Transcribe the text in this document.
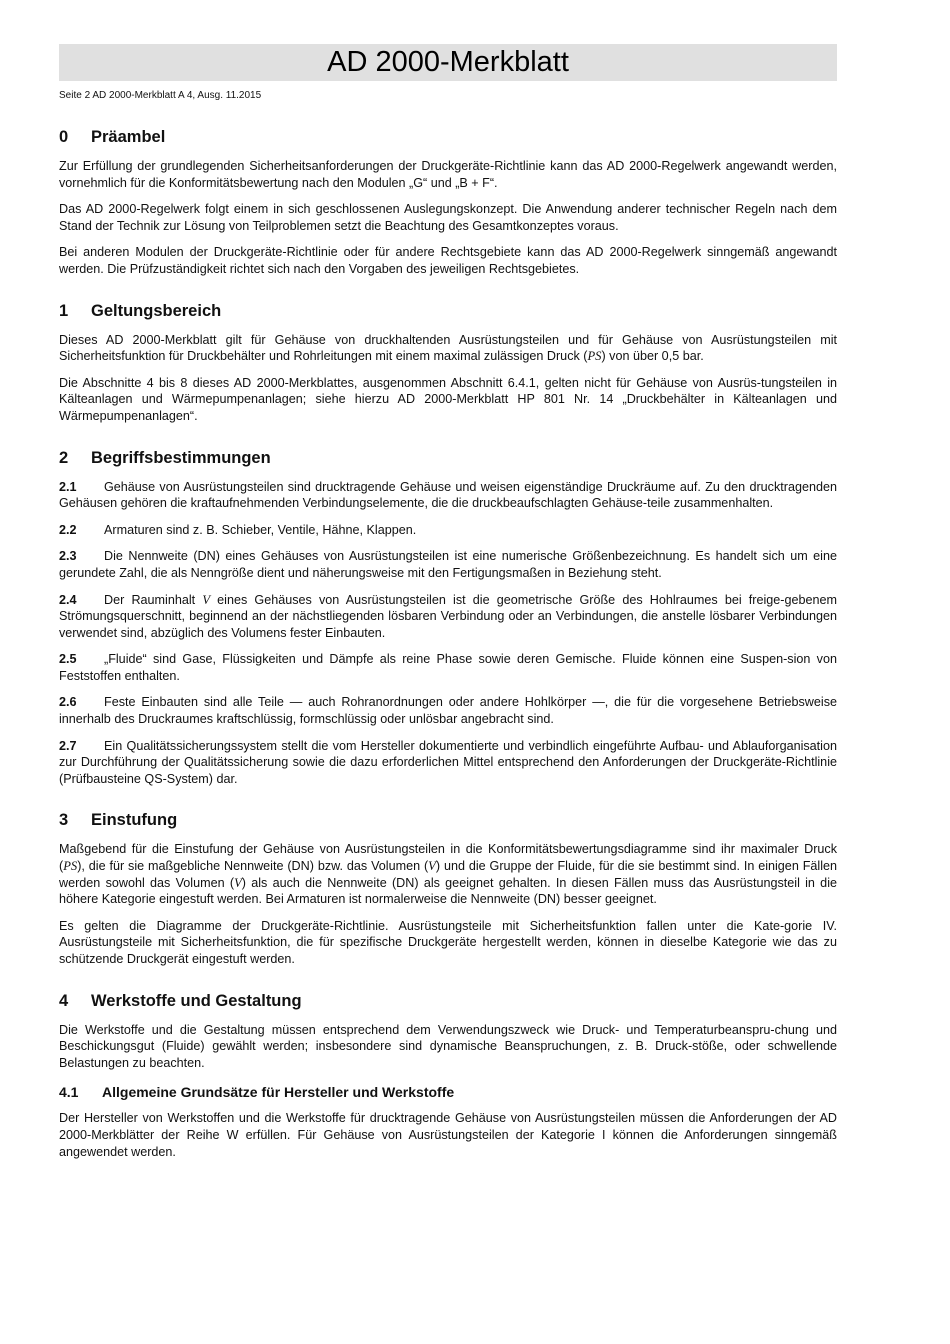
AD 2000-Merkblatt
Seite 2 AD 2000-Merkblatt A 4, Ausg. 11.2015
0 Präambel

Zur Erfüllung der grundlegenden Sicherheitsanforderungen der Druckgeräte-Richtlinie kann das AD 2000-Regelwerk angewandt werden, vornehmlich für die Konformitätsbewertung nach den Modulen „G“ und „B + F“.

Das AD 2000-Regelwerk folgt einem in sich geschlossenen Auslegungskonzept. Die Anwendung anderer technischer Regeln nach dem Stand der Technik zur Lösung von Teilproblemen setzt die Beachtung des Gesamtkonzeptes voraus.

Bei anderen Modulen der Druckgeräte-Richtlinie oder für andere Rechtsgebiete kann das AD 2000-Regelwerk sinngemäß angewandt werden. Die Prüfzuständigkeit richtet sich nach den Vorgaben des jeweiligen Rechtsgebietes.

1 Geltungsbereich

Dieses AD 2000-Merkblatt gilt für Gehäuse von druckhaltenden Ausrüstungsteilen und für Gehäuse von Ausrüstungsteilen mit Sicherheitsfunktion für Druckbehälter und Rohrleitungen mit einem maximal zulässigen Druck (PS) von über 0,5 bar.

Die Abschnitte 4 bis 8 dieses AD 2000-Merkblattes, ausgenommen Abschnitt 6.4.1, gelten nicht für Gehäuse von Ausrüs-tungsteilen in Kälteanlagen und Wärmepumpenanlagen; siehe hierzu AD 2000-Merkblatt HP 801 Nr. 14 „Druckbehälter in Kälteanlagen und Wärmepumpenanlagen“.

2 Begriffsbestimmungen

2.1 Gehäuse von Ausrüstungsteilen sind drucktragende Gehäuse und weisen eigenständige Druckräume auf. Zu den drucktragenden Gehäusen gehören die kraftaufnehmenden Verbindungselemente, die die druckbeaufschlagten Gehäuse-teile zusammenhalten.

2.2 Armaturen sind z. B. Schieber, Ventile, Hähne, Klappen.

2.3 Die Nennweite (DN) eines Gehäuses von Ausrüstungsteilen ist eine numerische Größenbezeichnung. Es handelt sich um eine gerundete Zahl, die als Nenngröße dient und näherungsweise mit den Fertigungsmaßen in Beziehung steht.

2.4 Der Rauminhalt V eines Gehäuses von Ausrüstungsteilen ist die geometrische Größe des Hohlraumes bei freige-gebenem Strömungsquerschnitt, beginnend an der nächstliegenden lösbaren Verbindung oder an Verbindungen, die anstelle lösbarer Verbindungen verwendet sind, abzüglich des Volumens fester Einbauten.

2.5 „Fluide“ sind Gase, Flüssigkeiten und Dämpfe als reine Phase sowie deren Gemische. Fluide können eine Suspen-sion von Feststoffen enthalten.

2.6 Feste Einbauten sind alle Teile — auch Rohranordnungen oder andere Hohlkörper —, die für die vorgesehene Betriebsweise innerhalb des Druckraumes kraftschlüssig, formschlüssig oder unlösbar angebracht sind.

2.7 Ein Qualitätssicherungssystem stellt die vom Hersteller dokumentierte und verbindlich eingeführte Aufbau- und Ablauforganisation zur Durchführung der Qualitätssicherung sowie die dazu erforderlichen Mittel entsprechend den Anforderungen der Druckgeräte-Richtlinie (Prüfbausteine QS-System) dar.

3 Einstufung

Maßgebend für die Einstufung der Gehäuse von Ausrüstungsteilen in die Konformitätsbewertungsdiagramme sind ihr maximaler Druck (PS), die für sie maßgebliche Nennweite (DN) bzw. das Volumen (V) und die Gruppe der Fluide, für die sie bestimmt sind. In einigen Fällen werden sowohl das Volumen (V) als auch die Nennweite (DN) als geeignet gehalten. In diesen Fällen muss das Ausrüstungsteil in die höhere Kategorie eingestuft werden. Bei Armaturen ist normalerweise die Nennweite (DN) besser geeignet.

Es gelten die Diagramme der Druckgeräte-Richtlinie. Ausrüstungsteile mit Sicherheitsfunktion fallen unter die Kate-gorie IV. Ausrüstungsteile mit Sicherheitsfunktion, die für spezifische Druckgeräte hergestellt werden, können in dieselbe Kategorie wie das zu schützende Druckgerät eingestuft werden.

4 Werkstoffe und Gestaltung

Die Werkstoffe und die Gestaltung müssen entsprechend dem Verwendungszweck wie Druck- und Temperaturbeanspru-chung und Beschickungsgut (Fluide) gewählt werden; insbesondere sind dynamische Beanspruchungen, z. B. Druck-stöße, oder schwellende Belastungen zu beachten.

4.1 Allgemeine Grundsätze für Hersteller und Werkstoffe

Der Hersteller von Werkstoffen und die Werkstoffe für drucktragende Gehäuse von Ausrüstungsteilen müssen die Anforderungen der AD 2000-Merkblätter der Reihe W erfüllen. Für Gehäuse von Ausrüstungsteilen der Kategorie I können die Anforderungen sinngemäß angewendet werden.
